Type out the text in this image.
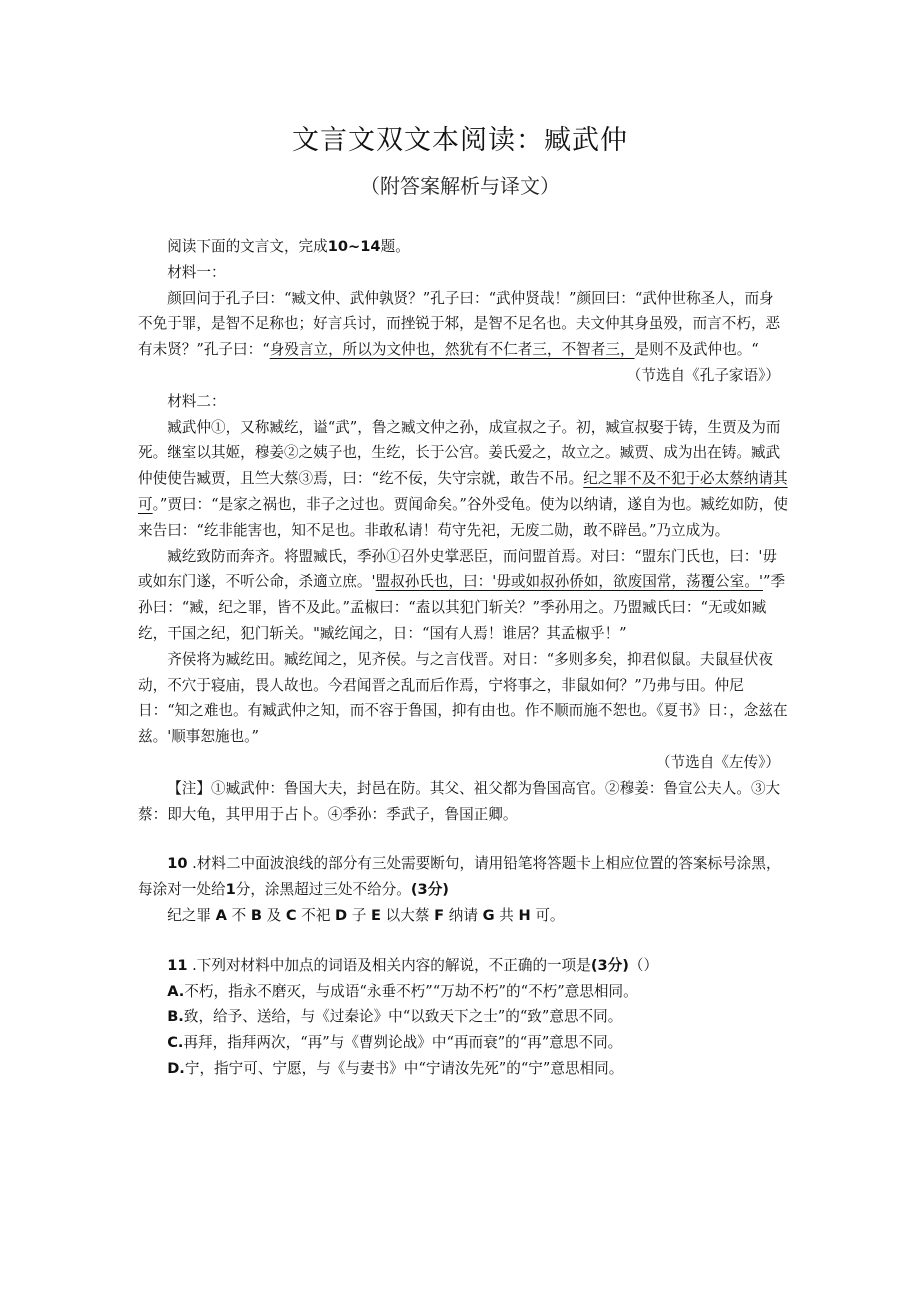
文言文双文本阅读：臧武仲
（附答案解析与译文）

阅读下面的文言文，完成10~14题。

材料一：

颜回问于孔子曰：“臧文仲、武仲孰贤？”孔子曰：“武仲贤哉！”颜回曰：“武仲世称圣人，而身不免于罪，是智不足称也；好言兵讨，而挫锐于邾，是智不足名也。夫文仲其身虽殁，而言不朽，恶有未贤？”孔子曰：“身殁言立，所以为文仲也，然犹有不仁者三，不智者三，是则不及武仲也。“

（节选自《孔子家语》）

材料二：

臧武仲①，又称臧纥，谥“武”，鲁之臧文仲之孙，成宣叔之子。初，臧宣叔娶于铸，生贾及为而死。继室以其姬，穆姜②之姨子也，生纥，长于公宫。姜氏爱之，故立之。臧贾、成为出在铸。臧武仲使使告臧贾，且竺大蔡③焉，曰：“纥不佞，失守宗就，敢告不吊。纪之罪不及不犯于必太蔡纳请其可。”贾曰：“是家之祸也，非子之过也。贾闻命矣。”谷外受龟。使为以纳请，遂自为也。臧纥如防，使来告曰：“纥非能害也，知不足也。非敢私请！苟守先祀，无废二勋，敢不辟邑。”乃立成为。

臧纥致防而奔齐。将盟臧氏，季孙①召外史掌恶臣，而问盟首焉。对曰：“盟东门氏也，曰：'毋或如东门遂，不听公命，杀適立庶。'盟叔孙氏也，曰：'毋或如叔孙侨如，欲废国常，荡覆公室。'”季孙曰：“臧，纪之罪，皆不及此。”孟椒曰：“盍以其犯门斩关？”季孙用之。乃盟臧氏曰：“无或如臧纥，干国之纪，犯门斩关。"臧纥闻之，日：“国有人焉！谁居？其孟椒乎！”

齐侯将为臧纥田。臧纥闻之，见齐侯。与之言伐晋。对日：“多则多矣，抑君似鼠。夫鼠昼伏夜动，不穴于寝庙，畏人故也。今君闻晋之乱而后作焉，宁将事之，非鼠如何？”乃弗与田。仲尼日：“知之难也。有臧武仲之知，而不容于鲁国，抑有由也。作不顺而施不恕也。《夏书》日：，念兹在兹。'顺事恕施也。”

（节选自《左传》）

【注】①臧武仲：鲁国大夫，封邑在防。其父、祖父都为鲁国高官。②穆姜：鲁宣公夫人。③大蔡：即大龟，其甲用于占卜。④季孙：季武子，鲁国正卿。

10 .材料二中面波浪线的部分有三处需要断句，请用铅笔将答题卡上相应位置的答案标号涂黑，每涂对一处给1分，涂黑超过三处不给分。(3分)

纪之罪 A 不 B 及 C 不祀 D 子 E 以大蔡 F 纳请 G 共 H 可。

11 .下列对材料中加点的词语及相关内容的解说，不正确的一项是(3分)（）

A.不朽，指永不磨灭，与成语“永垂不朽”“万劫不朽”的“不朽”意思相同。

B.致，给予、送给，与《过秦论》中“以致天下之士”的“致”意思不同。

C.再拜，指拜两次，“再”与《曹刿论战》中“再而衰”的“再”意思不同。

D.宁，指宁可、宁愿，与《与妻书》中“宁请汝先死”的“宁”意思相同。
